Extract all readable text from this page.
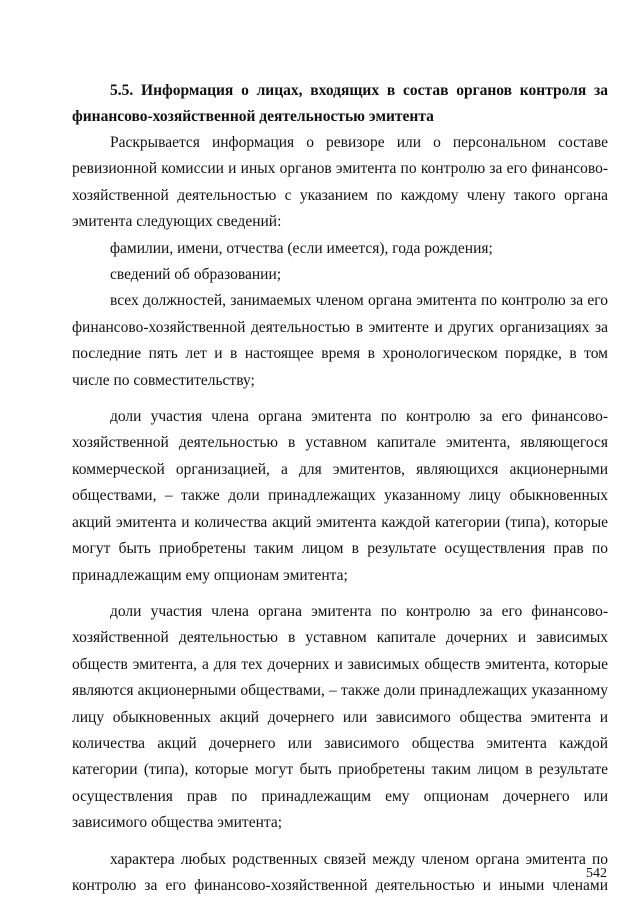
5.5. Информация о лицах, входящих в состав органов контроля за
финансово-хозяйственной деятельностью эмитента

Раскрывается информация о ревизоре или о персональном составе ревизионной комиссии и иных органов эмитента по контролю за его финансово-хозяйственной деятельностью с указанием по каждому члену такого органа эмитента следующих сведений:

фамилии, имени, отчества (если имеется), года рождения;

сведений об образовании;

всех должностей, занимаемых членом органа эмитента по контролю за его финансово-хозяйственной деятельностью в эмитенте и других организациях за последние пять лет и в настоящее время в хронологическом порядке, в том числе по совместительству;

доли участия члена органа эмитента по контролю за его финансово-хозяйственной деятельностью в уставном капитале эмитента, являющегося коммерческой организацией, а для эмитентов, являющихся акционерными обществами, – также доли принадлежащих указанному лицу обыкновенных акций эмитента и количества акций эмитента каждой категории (типа), которые могут быть приобретены таким лицом в результате осуществления прав по принадлежащим ему опционам эмитента;

доли участия члена органа эмитента по контролю за его финансово-хозяйственной деятельностью в уставном капитале дочерних и зависимых обществ эмитента, а для тех дочерних и зависимых обществ эмитента, которые являются акционерными обществами, – также доли принадлежащих указанному лицу обыкновенных акций дочернего или зависимого общества эмитента и количества акций дочернего или зависимого общества эмитента каждой категории (типа), которые могут быть приобретены таким лицом в результате осуществления прав по принадлежащим ему опционам дочернего или зависимого общества эмитента;

характера любых родственных связей между членом органа эмитента по контролю за его финансово-хозяйственной деятельностью и иными членами

542
